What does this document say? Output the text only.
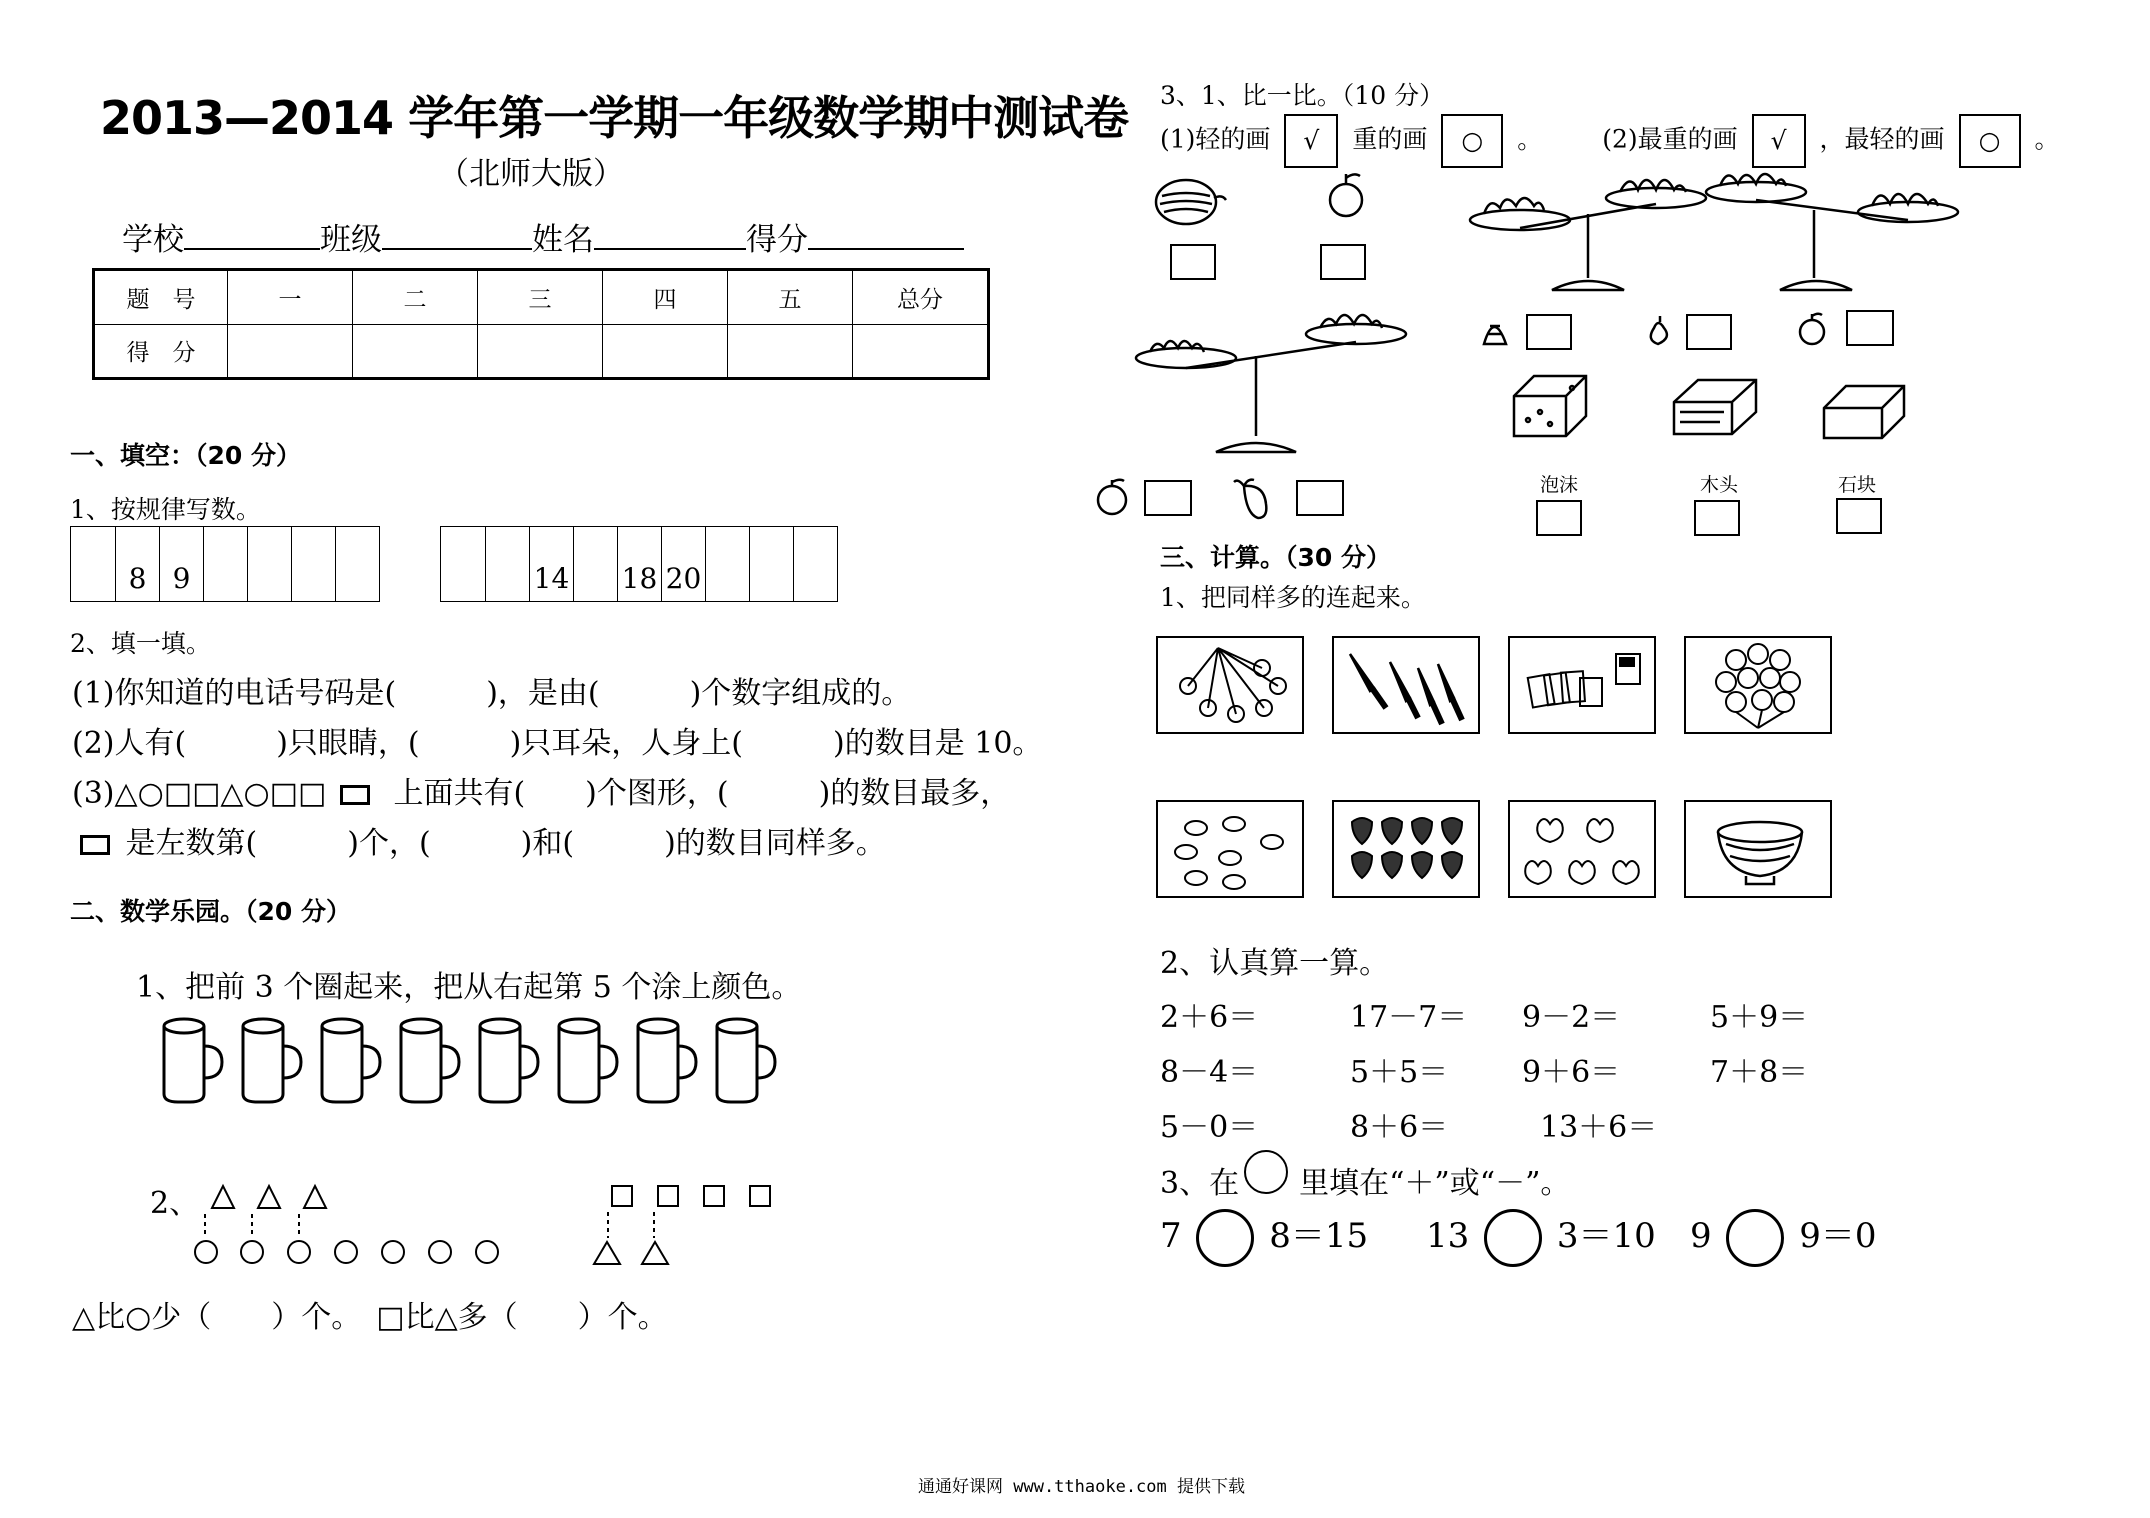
2013—2014 学年第一学期一年级数学期中测试卷
（北师大版）
学校	班级	姓名	得分
题　号	一	二	三	四	五	总分
得　分						
一、填空：（20 分）
1、按规律写数。
8 9	14 18 20
2、填一填。
(1)你知道的电话号码是(　　　)，是由(　　　)个数字组成的。
(2)人有(　　　)只眼睛，(　　　)只耳朵，人身上(　　　)的数目是 10。
(3)△○□□△○□□ 上面共有(　　)个图形，(　　　)的数目最多，
是左数第(　　　)个，(　　　)和(　　　)的数目同样多。
二、数学乐园。（20 分）
1、把前 3 个圈起来，把从右起第 5 个涂上颜色。
2、
△比○少（　　）个。　□比△多（　　）个。
3、1、比一比。（10 分）
(1)轻的画 √ 重的画 ○ 。 (2)最重的画 √ ，最轻的画 ○ 。
泡沫	木头	石块
三、计算。（30 分）
1、把同样多的连起来。
2、认真算一算。
2＋6＝	17－7＝ 9－2＝	5＋9＝
8－4＝	5＋5＝ 9＋6＝	7＋8＝
5－0＝	8＋6＝	13＋6＝
3、在　　里填在“＋”或“－”。
7	8＝15 13	3＝10 9	9＝0
通通好课网 www.tthaoke.com 提供下载
